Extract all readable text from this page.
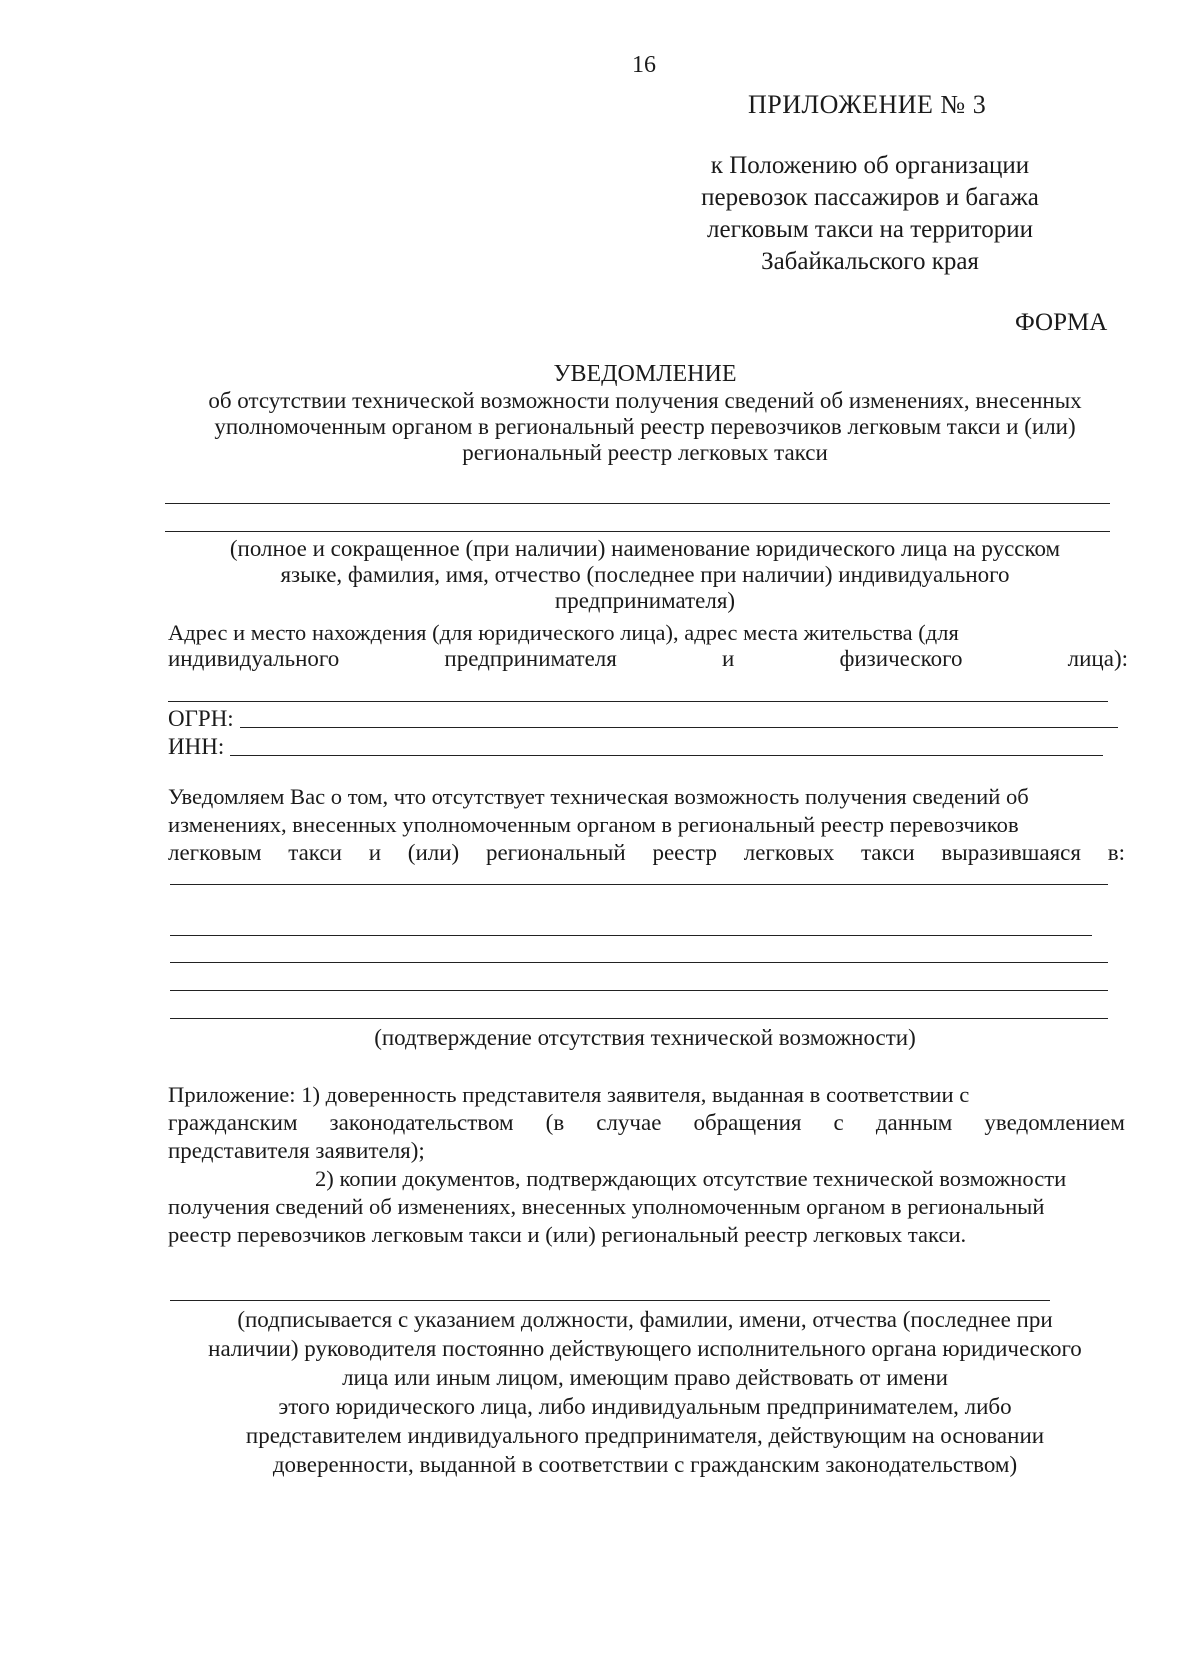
16
ПРИЛОЖЕНИЕ № 3
к Положению об организации
перевозок пассажиров и багажа
легковым такси на территории
Забайкальского края
ФОРМА
УВЕДОМЛЕНИЕ
об отсутствии технической возможности получения сведений об изменениях, внесенных
уполномоченным органом в региональный реестр перевозчиков легковым такси и (или)
региональный реестр легковых такси
(полное и сокращенное (при наличии) наименование юридического лица на русском
языке, фамилия, имя, отчество (последнее при наличии) индивидуального
предпринимателя)
Адрес и место нахождения (для юридического лица), адрес места жительства (для
индивидуального	предпринимателя	и	физического	лица):
ОГРН:
ИНН:
Уведомляем Вас о том, что отсутствует техническая возможность получения сведений об
изменениях, внесенных уполномоченным органом в региональный реестр перевозчиков
легковым такси и (или) региональный реестр легковых такси выразившаяся в:
(подтверждение отсутствия технической возможности)
Приложение: 1) доверенность представителя заявителя, выданная в соответствии с
гражданским законодательством (в случае обращения с данным уведомлением
представителя заявителя);
2) копии документов, подтверждающих отсутствие технической возможности
получения сведений об изменениях, внесенных уполномоченным органом в региональный
реестр перевозчиков легковым такси и (или) региональный реестр легковых такси.
(подписывается с указанием должности, фамилии, имени, отчества (последнее при
наличии) руководителя постоянно действующего исполнительного органа юридического
лица или иным лицом, имеющим право действовать от имени
этого юридического лица, либо индивидуальным предпринимателем, либо
представителем индивидуального предпринимателя, действующим на основании
доверенности, выданной в соответствии с гражданским законодательством)
